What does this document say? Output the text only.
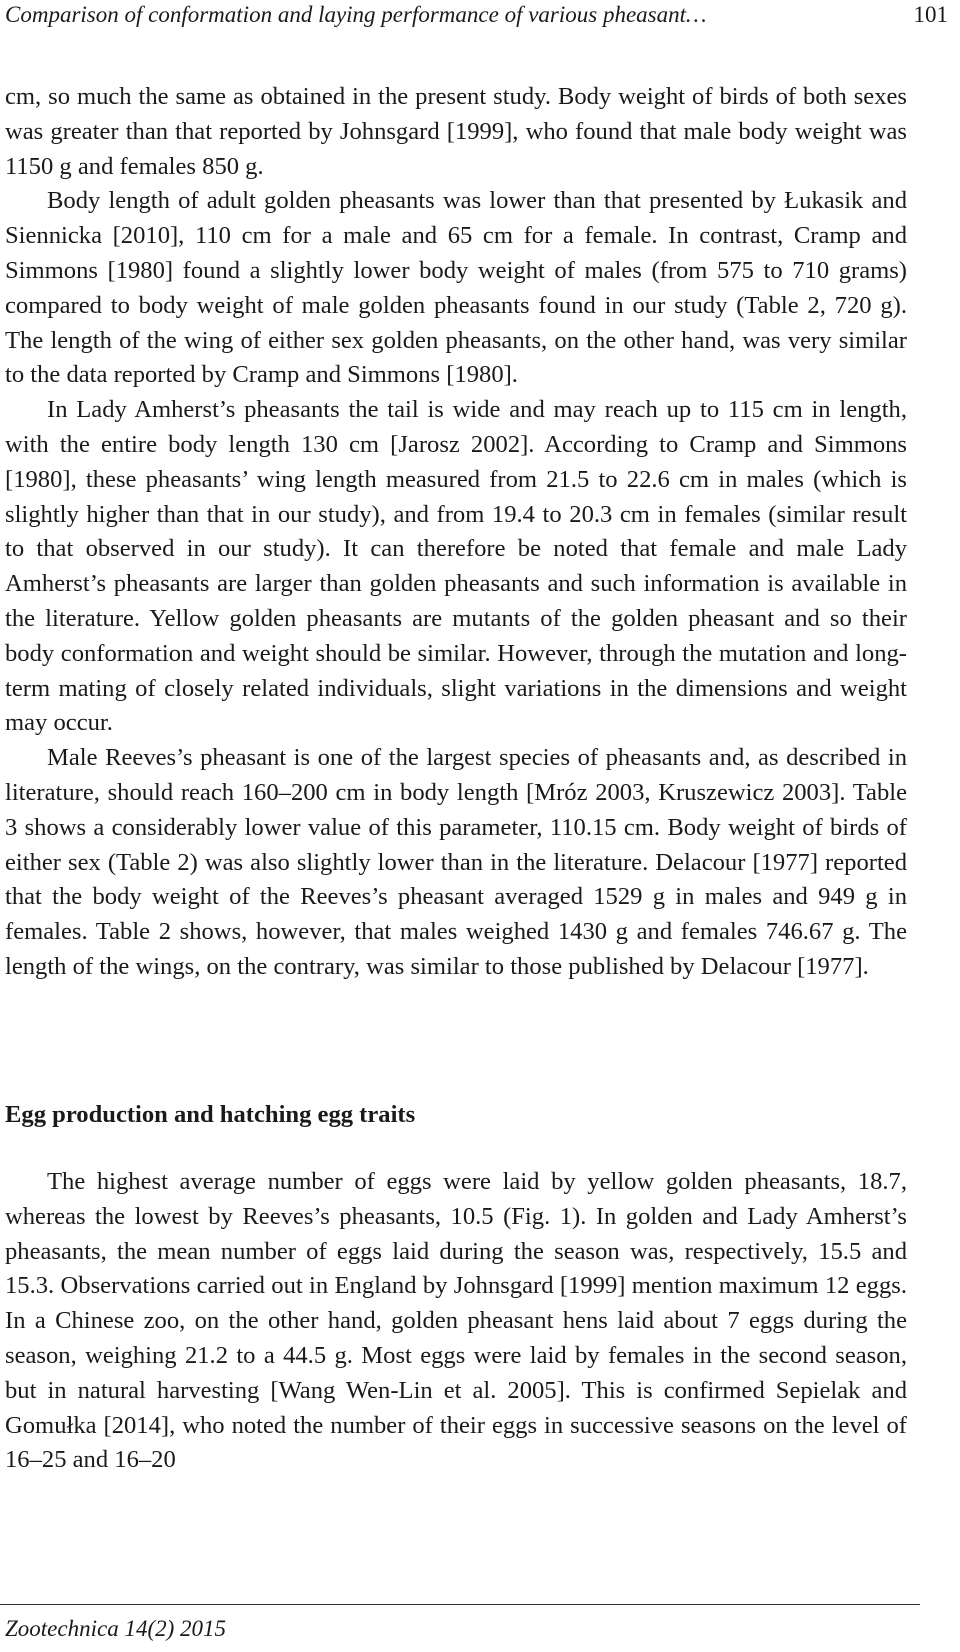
Comparison of conformation and laying performance of various pheasant…	101

cm, so much the same as obtained in the present study. Body weight of birds of both sexes was greater than that reported by Johnsgard [1999], who found that male body weight was 1150 g and females 850 g.

Body length of adult golden pheasants was lower than that presented by Łukasik and Siennicka [2010], 110 cm for a male and 65 cm for a female. In contrast, Cramp and Simmons [1980] found a slightly lower body weight of males (from 575 to 710 grams) compared to body weight of male golden pheasants found in our study (Table 2, 720 g). The length of the wing of either sex golden pheasants, on the other hand, was very similar to the data reported by Cramp and Simmons [1980].

In Lady Amherst’s pheasants the tail is wide and may reach up to 115 cm in length, with the entire body length 130 cm [Jarosz 2002]. According to Cramp and Simmons [1980], these pheasants’ wing length measured from 21.5 to 22.6 cm in males (which is slightly higher than that in our study), and from 19.4 to 20.3 cm in females (similar result to that observed in our study). It can therefore be noted that female and male Lady Amherst’s pheasants are larger than golden pheasants and such information is available in the literature. Yellow golden pheasants are mutants of the golden pheasant and so their body conformation and weight should be similar. However, through the mutation and long-term mating of closely related individuals, slight variations in the dimensions and weight may occur.

Male Reeves’s pheasant is one of the largest species of pheasants and, as described in literature, should reach 160–200 cm in body length [Mróz 2003, Kruszewicz 2003]. Table 3 shows a considerably lower value of this parameter, 110.15 cm. Body weight of birds of either sex (Table 2) was also slightly lower than in the literature. Delacour [1977] reported that the body weight of the Reeves’s pheasant averaged 1529 g in males and 949 g in females. Table 2 shows, however, that males weighed 1430 g and females 746.67 g. The length of the wings, on the contrary, was similar to those published by Delacour [1977].

Egg production and hatching egg traits

The highest average number of eggs were laid by yellow golden pheasants, 18.7, whereas the lowest by Reeves’s pheasants, 10.5 (Fig. 1). In golden and Lady Amherst’s pheasants, the mean number of eggs laid during the season was, respectively, 15.5 and 15.3. Observations carried out in England by Johnsgard [1999] mention maximum 12 eggs. In a Chinese zoo, on the other hand, golden pheasant hens laid about 7 eggs during the season, weighing 21.2 to a 44.5 g. Most eggs were laid by females in the second season, but in natural harvesting [Wang Wen-Lin et al. 2005]. This is confirmed Sepielak and Gomułka [2014], who noted the number of their eggs in successive seasons on the level of 16–25 and 16–20

Zootechnica 14(2) 2015
